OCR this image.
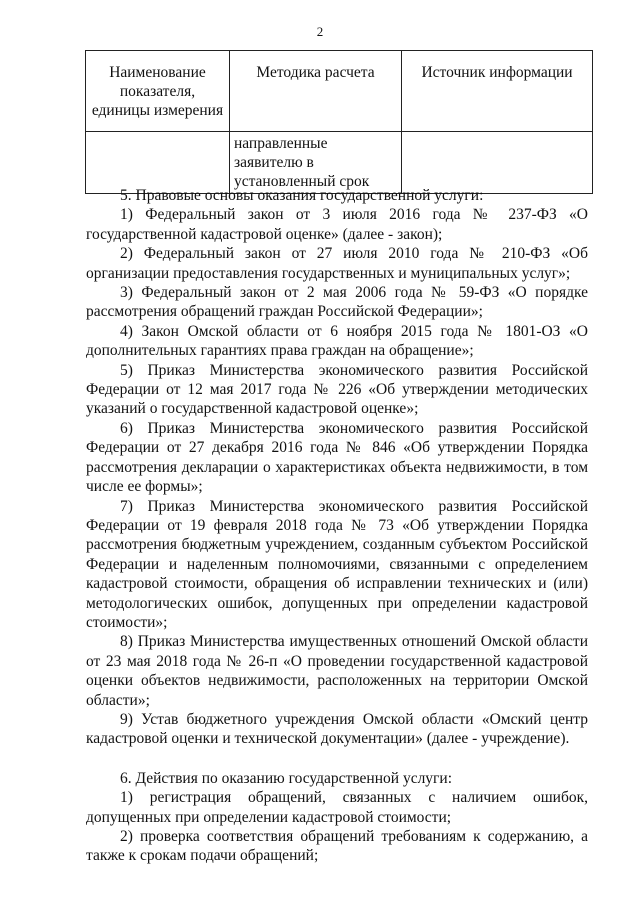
2
Наименование показателя, единицы измерения	Методика расчета	Источник информации
	направленные заявителю в установленный срок	

5. Правовые основы оказания государственной услуги:

1) Федеральный закон от 3 июля 2016 года № 237-ФЗ «О государственной кадастровой оценке» (далее - закон);

2) Федеральный закон от 27 июля 2010 года № 210-ФЗ «Об организации предоставления государственных и муниципальных услуг»;

3) Федеральный закон от 2 мая 2006 года № 59-ФЗ «О порядке рассмотрения обращений граждан Российской Федерации»;

4) Закон Омской области от 6 ноября 2015 года № 1801-ОЗ «О дополнительных гарантиях права граждан на обращение»;

5) Приказ Министерства экономического развития Российской Федерации от 12 мая 2017 года № 226 «Об утверждении методических указаний о государственной кадастровой оценке»;

6) Приказ Министерства экономического развития Российской Федерации от 27 декабря 2016 года № 846 «Об утверждении Порядка рассмотрения декларации о характеристиках объекта недвижимости, в том числе ее формы»;

7) Приказ Министерства экономического развития Российской Федерации от 19 февраля 2018 года № 73 «Об утверждении Порядка рассмотрения бюджетным учреждением, созданным субъектом Российской Федерации и наделенным полномочиями, связанными с определением кадастровой стоимости, обращения об исправлении технических и (или) методологических ошибок, допущенных при определении кадастровой стоимости»;

8) Приказ Министерства имущественных отношений Омской области от 23 мая 2018 года № 26-п «О проведении государственной кадастровой оценки объектов недвижимости, расположенных на территории Омской области»;

9) Устав бюджетного учреждения Омской области «Омский центр кадастровой оценки и технической документации» (далее - учреждение).

6. Действия по оказанию государственной услуги:

1) регистрация обращений, связанных с наличием ошибок, допущенных при определении кадастровой стоимости;

2) проверка соответствия обращений требованиям к содержанию, а также к срокам подачи обращений;
